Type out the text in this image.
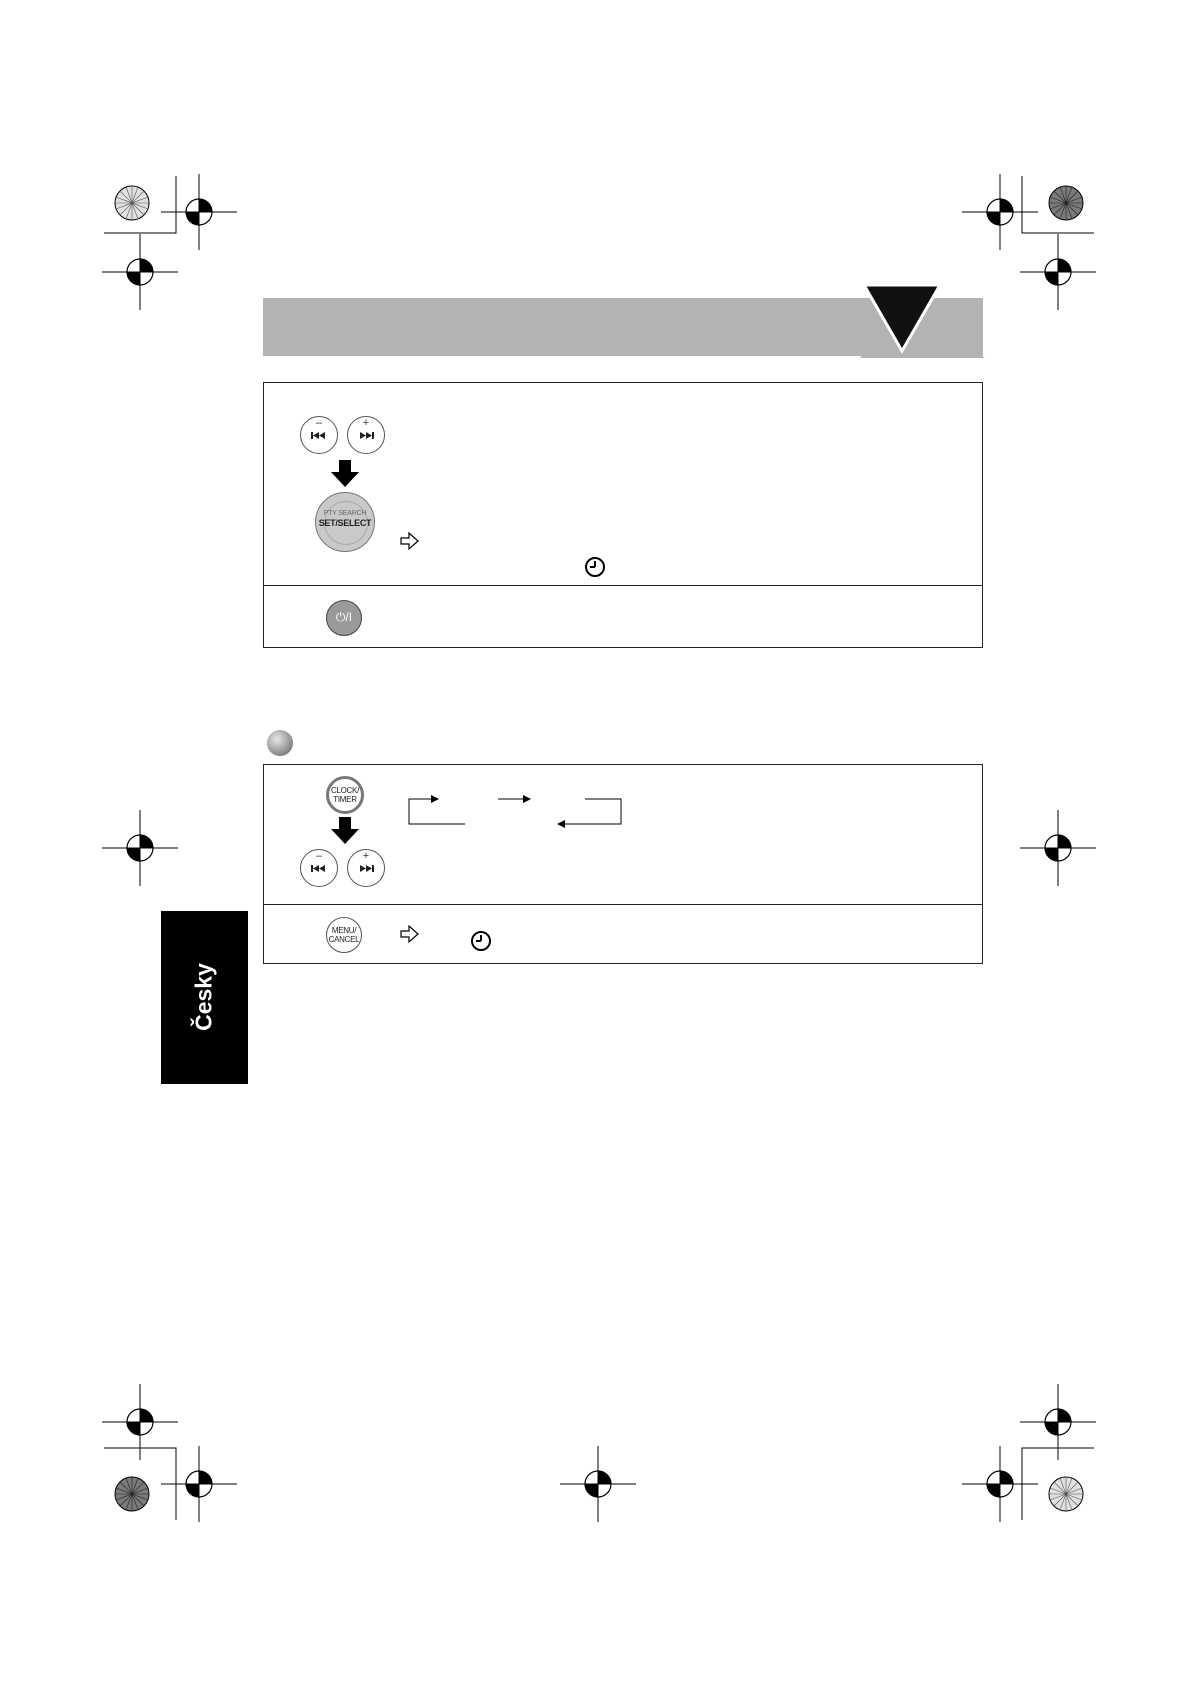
–	+
PTY SEARCH
SET/SELECT
⏻/I
CLOCK/
TIMER
–	+
MENU/
CANCEL
Česky
